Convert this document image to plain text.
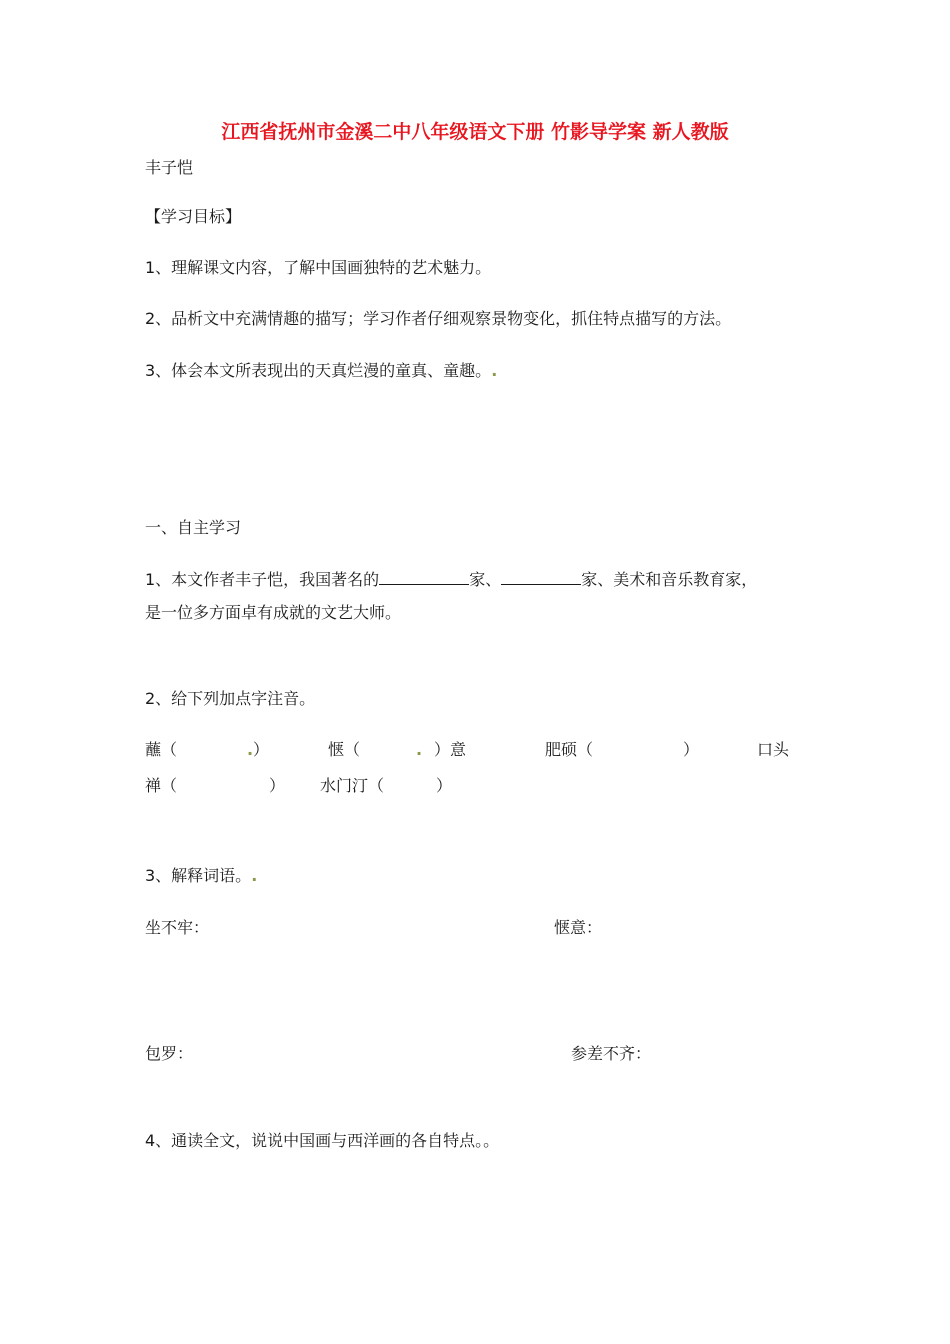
江西省抚州市金溪二中八年级语文下册 竹影导学案 新人教版
丰子恺
【学习目标】
1、理解课文内容，了解中国画独特的艺术魅力。
2、品析文中充满情趣的描写；学习作者仔细观察景物变化，抓住特点描写的方法。
3、体会本文所表现出的天真烂漫的童真、童趣。.
一、自主学习
1、本文作者丰子恺，我国著名的	家、	家、美术和音乐教育家，
是一位多方面卓有成就的文艺大师。
2、给下列加点字注音。
蘸（	.）	惬（	. ）意	肥硕（	）	口头
禅（	） 水门汀（	）
3、解释词语。.
坐不牢：	惬意：
包罗：	参差不齐：
4、通读全文，说说中国画与西洋画的各自特点。。
